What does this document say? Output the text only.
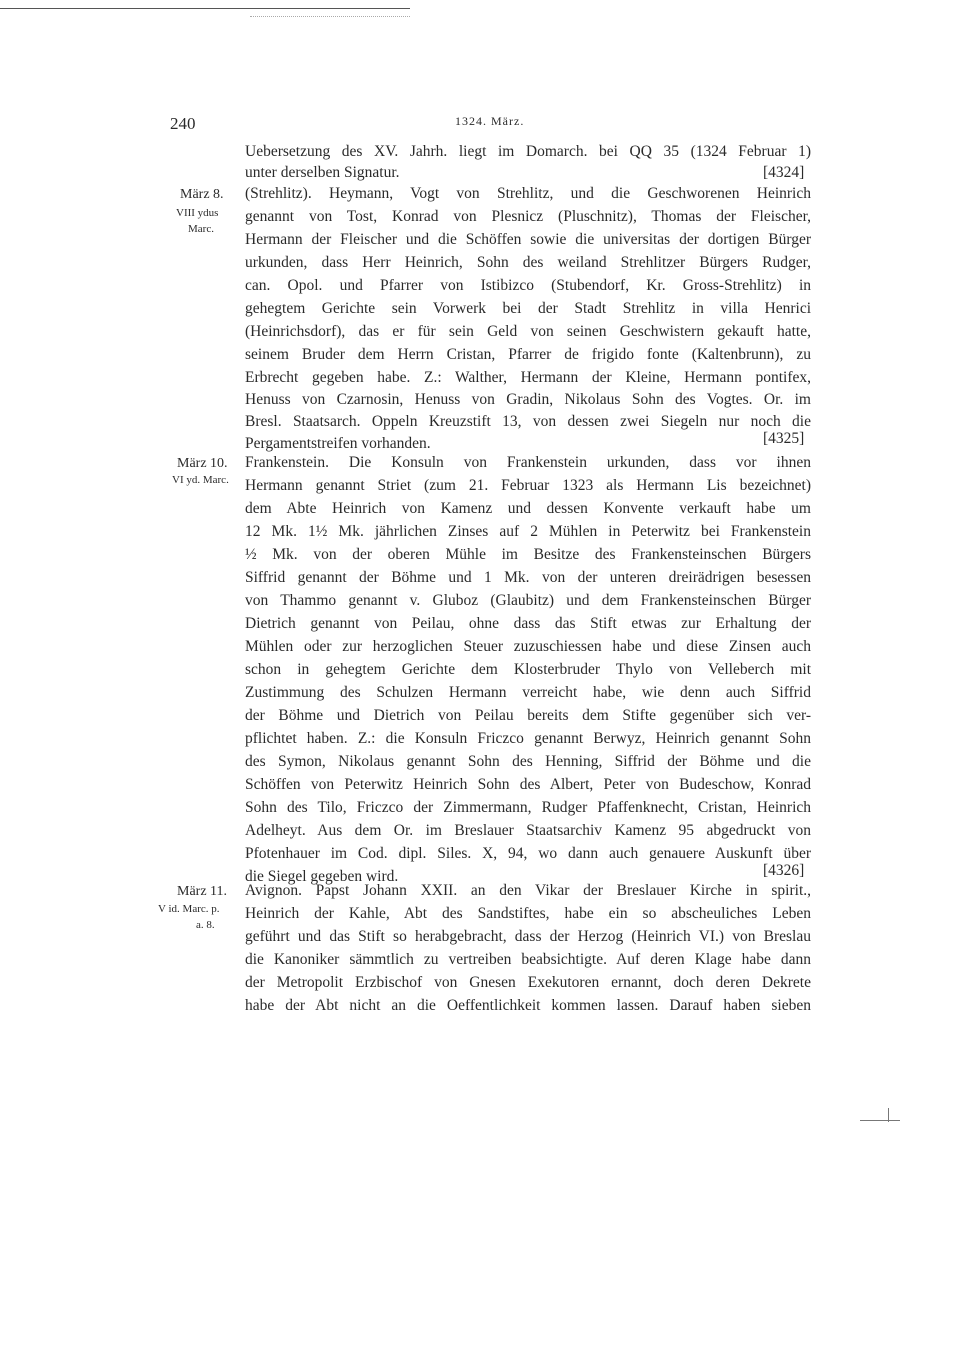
240	1324. März.
Uebersetzung des XV. Jahrh. liegt im Domarch. bei QQ 35 (1324 Februar 1)
unter derselben Signatur.	[4324]
März 8.
VIII ydus
Marc.
(Strehlitz). Heymann, Vogt von Strehlitz, und die Geschworenen Heinrich
genannt von Tost, Konrad von Plesnicz (Pluschnitz), Thomas der Fleischer,
Hermann der Fleischer und die Schöffen sowie die universitas der dortigen Bürger
urkunden, dass Herr Heinrich, Sohn des weiland Strehlitzer Bürgers Rudger,
can. Opol. und Pfarrer von Istibizco (Stubendorf, Kr. Gross-Strehlitz) in
gehegtem Gerichte sein Vorwerk bei der Stadt Strehlitz in villa Henrici
(Heinrichsdorf), das er für sein Geld von seinen Geschwistern gekauft hatte,
seinem Bruder dem Herrn Cristan, Pfarrer de frigido fonte (Kaltenbrunn), zu
Erbrecht gegeben habe. Z.: Walther, Hermann der Kleine, Hermann pontifex,
Henuss von Czarnosin, Henuss von Gradin, Nikolaus Sohn des Vogtes. Or. im
Bresl. Staatsarch. Oppeln Kreuzstift 13, von dessen zwei Siegeln nur noch die
Pergamentstreifen vorhanden.	[4325]
März 10.
VI yd. Marc.
Frankenstein. Die Konsuln von Frankenstein urkunden, dass vor ihnen
Hermann genannt Striet (zum 21. Februar 1323 als Hermann Lis bezeichnet)
dem Abte Heinrich von Kamenz und dessen Konvente verkauft habe um
12 Mk. 1½ Mk. jährlichen Zinses auf 2 Mühlen in Peterwitz bei Frankenstein
½ Mk. von der oberen Mühle im Besitze des Frankensteinschen Bürgers
Siffrid genannt der Böhme und 1 Mk. von der unteren dreirädrigen besessen
von Thammo genannt v. Gluboz (Glaubitz) und dem Frankensteinschen Bürger
Dietrich genannt von Peilau, ohne dass das Stift etwas zur Erhaltung der
Mühlen oder zur herzoglichen Steuer zuzuschiessen habe und diese Zinsen auch
schon in gehegtem Gerichte dem Klosterbruder Thylo von Velleberch mit
Zustimmung des Schulzen Hermann verreicht habe, wie denn auch Siffrid
der Böhme und Dietrich von Peilau bereits dem Stifte gegenüber sich ver-
pflichtet haben. Z.: die Konsuln Friczco genannt Berwyz, Heinrich genannt Sohn
des Symon, Nikolaus genannt Sohn des Henning, Siffrid der Böhme und die
Schöffen von Peterwitz Heinrich Sohn des Albert, Peter von Budeschow, Konrad
Sohn des Tilo, Friczco der Zimmermann, Rudger Pfaffenknecht, Cristan, Heinrich
Adelheyt. Aus dem Or. im Breslauer Staatsarchiv Kamenz 95 abgedruckt von
Pfotenhauer im Cod. dipl. Siles. X, 94, wo dann auch genauere Auskunft über
die Siegel gegeben wird.	[4326]
März 11.
V id. Marc. p.
a. 8.
Avignon. Papst Johann XXII. an den Vikar der Breslauer Kirche in spirit.,
Heinrich der Kahle, Abt des Sandstiftes, habe ein so abscheuliches Leben
geführt und das Stift so herabgebracht, dass der Herzog (Heinrich VI.) von Breslau
die Kanoniker sämmtlich zu vertreiben beabsichtigte. Auf deren Klage habe dann
der Metropolit Erzbischof von Gnesen Exekutoren ernannt, doch deren Dekrete
habe der Abt nicht an die Oeffentlichkeit kommen lassen. Darauf haben sieben
